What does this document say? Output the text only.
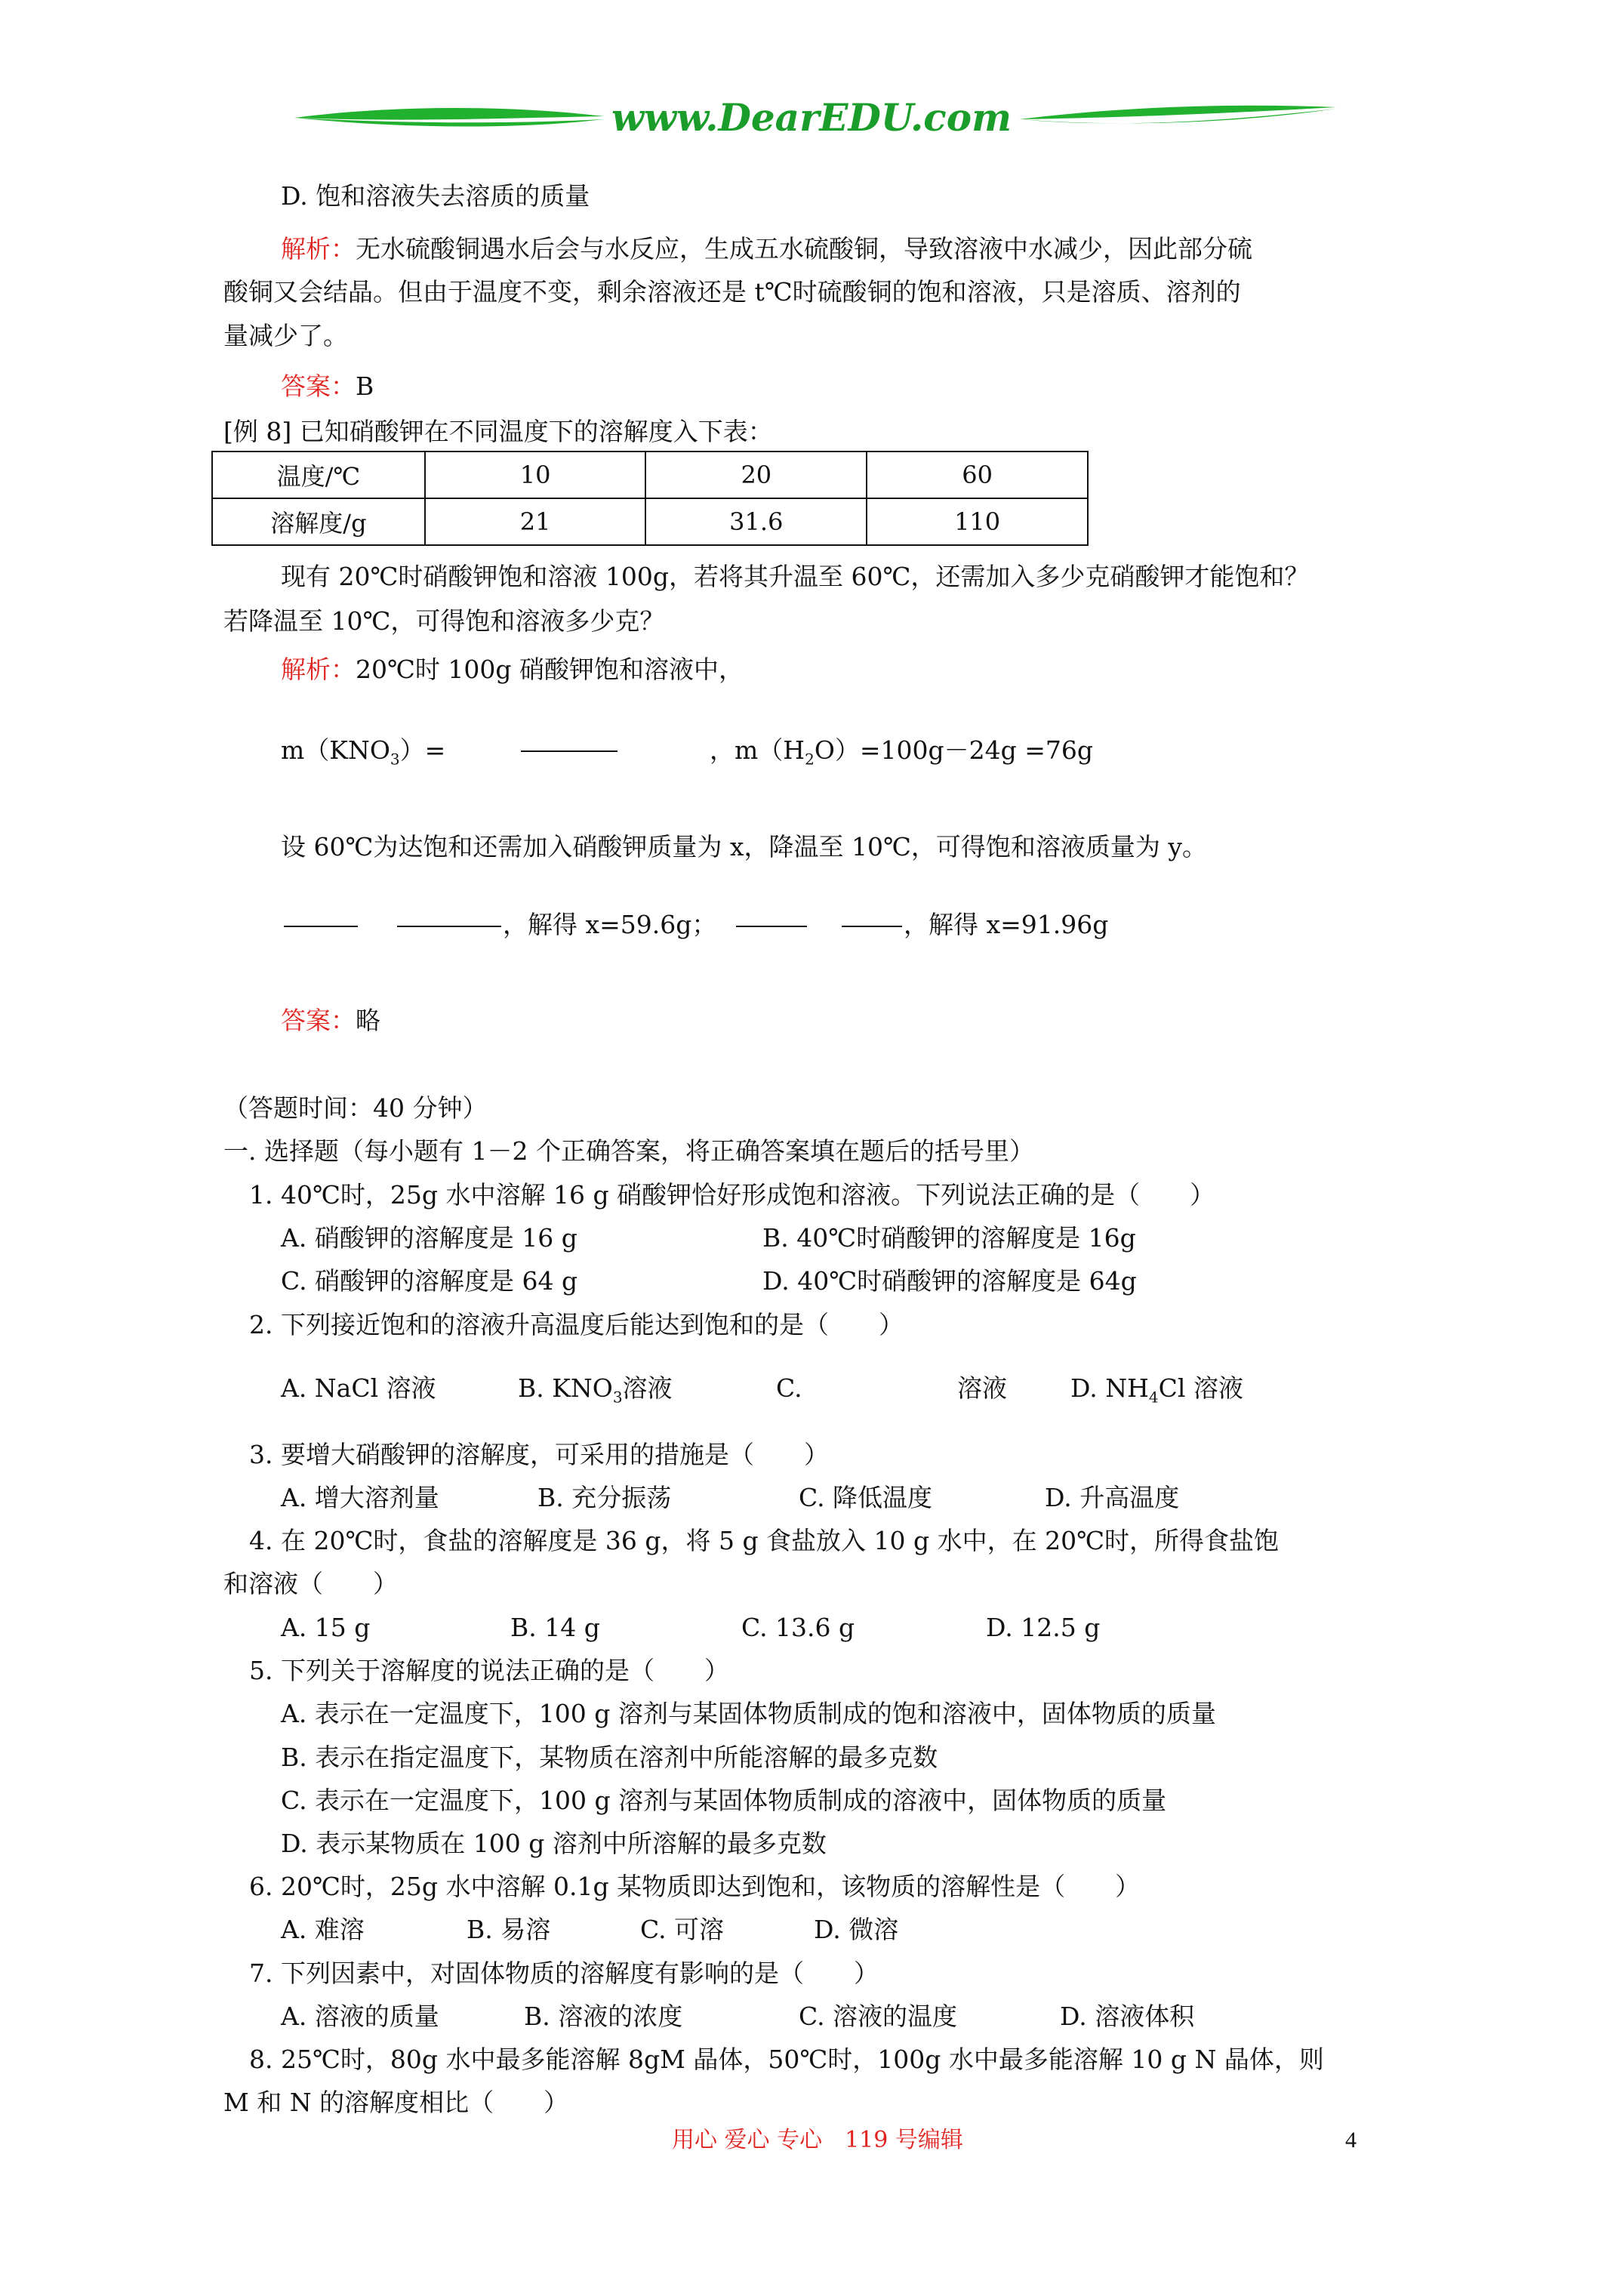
www.DearEDU.com
D. 饱和溶液失去溶质的质量
解析：无水硫酸铜遇水后会与水反应，生成五水硫酸铜，导致溶液中水减少，因此部分硫
酸铜又会结晶。但由于温度不变，剩余溶液还是 t℃时硫酸铜的饱和溶液，只是溶质、溶剂的
量减少了。
答案：B
[例 8] 已知硝酸钾在不同温度下的溶解度入下表：
温度/℃	10	20	60
溶解度/g	21	31.6	110
现有 20℃时硝酸钾饱和溶液 100g，若将其升温至 60℃，还需加入多少克硝酸钾才能饱和？
若降温至 10℃，可得饱和溶液多少克？
解析：20℃时 100g 硝酸钾饱和溶液中，
$m(KNO_3)=$	，$m(H_2O)=100g-24g =76g$
设 60℃为达饱和还需加入硝酸钾质量为 x，降温至 10℃，可得饱和溶液质量为 y。
，解得 x=59.6g；	，解得 x=91.96g
答案：略
（答题时间：40 分钟）
一. 选择题（每小题有 1－2 个正确答案，将正确答案填在题后的括号里）
1. 40℃时，25g 水中溶解 16 g 硝酸钾恰好形成饱和溶液。下列说法正确的是（　　）
A. 硝酸钾的溶解度是 16 g	B. 40℃时硝酸钾的溶解度是 16g
C. 硝酸钾的溶解度是 64 g	D. 40℃时硝酸钾的溶解度是 64g
2. 下列接近饱和的溶液升高温度后能达到饱和的是（　　）
A. NaCl 溶液	B. $KNO_3$溶液	C.	溶液	D. $NH_4Cl$ 溶液
3. 要增大硝酸钾的溶解度，可采用的措施是（　　）
A. 增大溶剂量	B. 充分振荡	C. 降低温度	D. 升高温度
4. 在 20℃时，食盐的溶解度是 36 g，将 5 g 食盐放入 10 g 水中，在 20℃时，所得食盐饱
和溶液（　　）
A. 15 g	B. 14 g	C. 13.6 g	D. 12.5 g
5. 下列关于溶解度的说法正确的是（　　）
A. 表示在一定温度下，100 g 溶剂与某固体物质制成的饱和溶液中，固体物质的质量
B. 表示在指定温度下，某物质在溶剂中所能溶解的最多克数
C. 表示在一定温度下，100 g 溶剂与某固体物质制成的溶液中，固体物质的质量
D. 表示某物质在 100 g 溶剂中所溶解的最多克数
6. 20℃时，25g 水中溶解 0.1g 某物质即达到饱和，该物质的溶解性是（　　）
A. 难溶	B. 易溶	C. 可溶	D. 微溶
7. 下列因素中，对固体物质的溶解度有影响的是（　　）
A. 溶液的质量	B. 溶液的浓度	C. 溶液的温度	D. 溶液体积
8. 25℃时，80g 水中最多能溶解 8gM 晶体，50℃时，100g 水中最多能溶解 10 g N 晶体，则
M 和 N 的溶解度相比（　　）
用心 爱心 专心　119 号编辑	4
